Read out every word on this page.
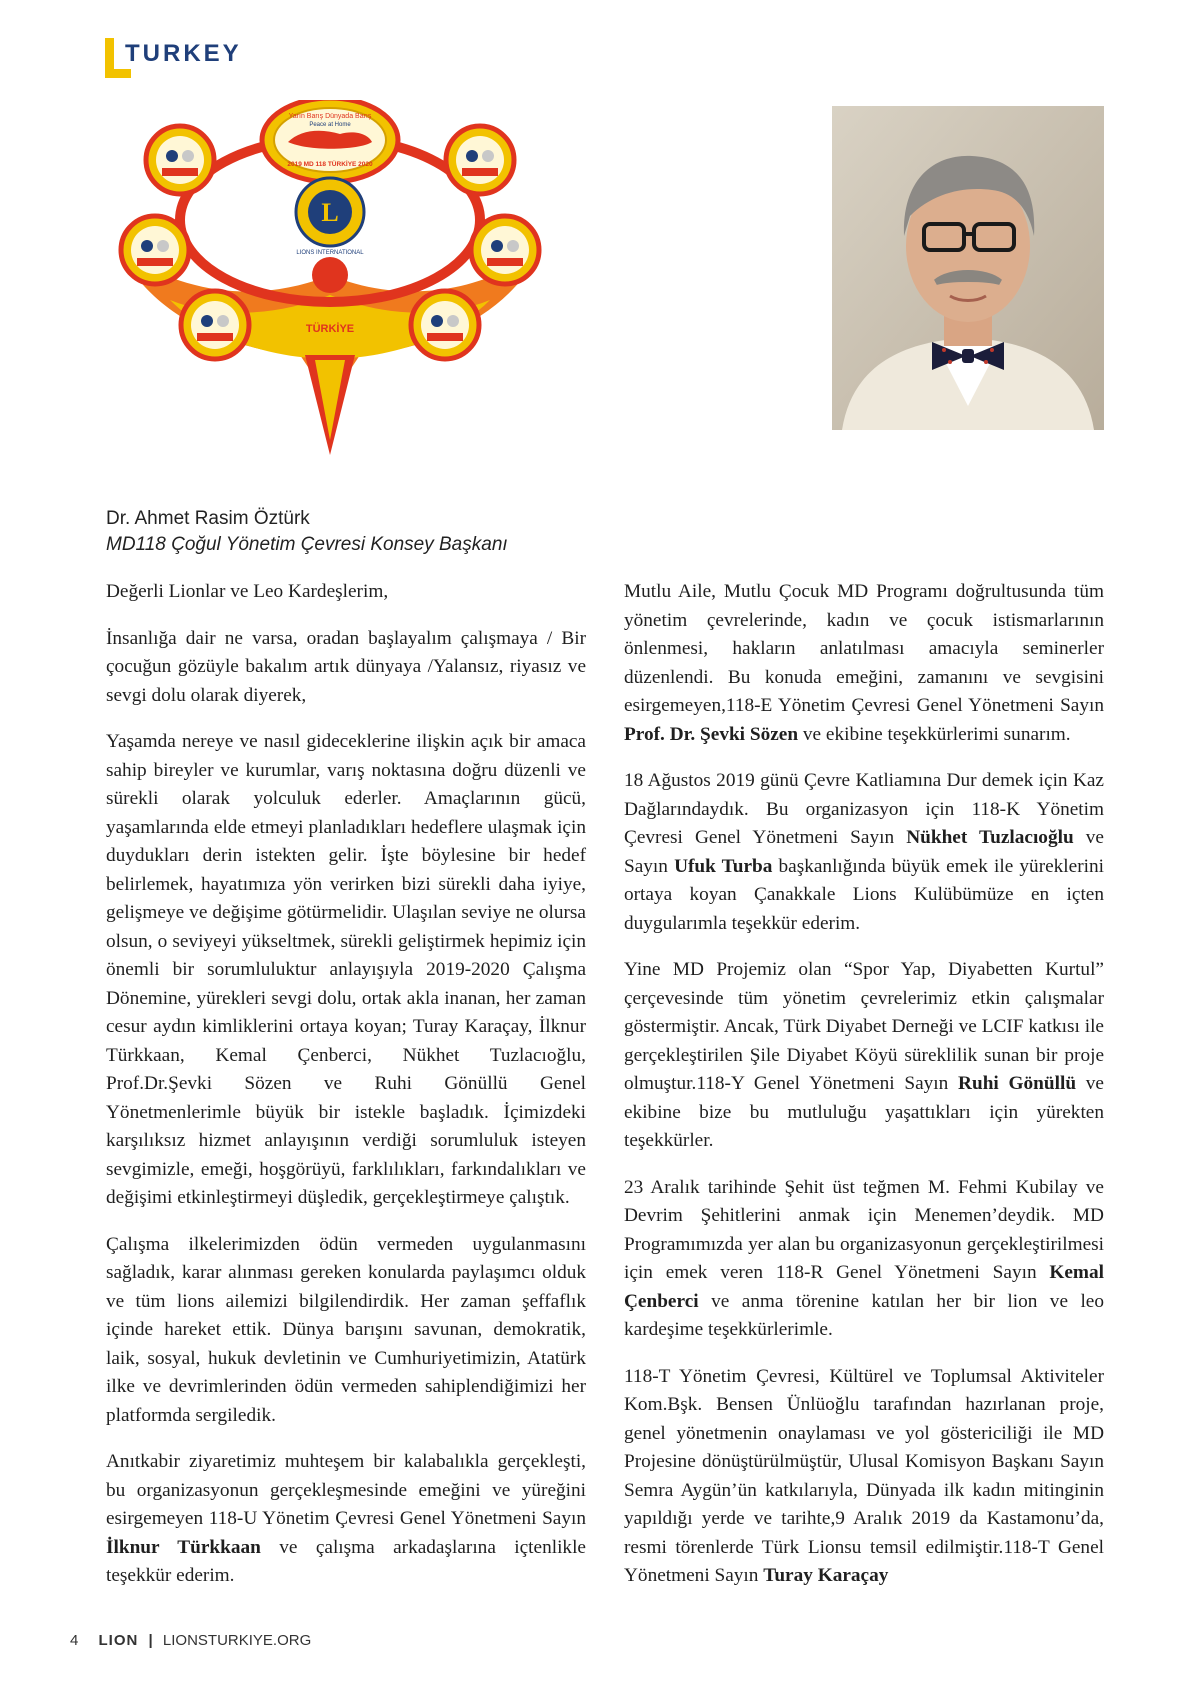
TURKEY
TÜRKİYE
Yarın Barış Dünyada Barış
Peace at Home
2019 MD 118 TÜRKİYE 2020
L
LIONS INTERNATIONAL
Dr. Ahmet Rasim Öztürk
MD118 Çoğul Yönetim Çevresi Konsey Başkanı

Değerli Lionlar ve Leo Kardeşlerim,

İnsanlığa dair ne varsa, oradan başlayalım çalışmaya / Bir çocuğun gözüyle bakalım artık dünyaya /Yalansız, riyasız ve sevgi dolu olarak diyerek,

Yaşamda nereye ve nasıl gideceklerine ilişkin açık bir amaca sahip bireyler ve kurumlar, varış noktasına doğru düzenli ve sürekli olarak yolculuk ederler. Amaçlarının gücü, yaşamlarında elde etmeyi planladıkları hedeflere ulaşmak için duydukları derin istekten gelir. İşte böylesine bir hedef belirlemek, hayatımıza yön verirken bizi sürekli daha iyiye, gelişmeye ve değişime götürmelidir. Ulaşılan seviye ne olursa olsun, o seviyeyi yükseltmek, sürekli geliştirmek hepimiz için önemli bir sorumluluktur anlayışıyla 2019-2020 Çalışma Dönemine, yürekleri sevgi dolu, ortak akla inanan, her zaman cesur aydın kimliklerini ortaya koyan; Turay Karaçay, İlknur Türkkaan, Kemal Çenberci, Nükhet Tuzlacıoğlu, Prof.Dr.Şevki Sözen ve Ruhi Gönüllü Genel Yönetmenlerimle büyük bir istekle başladık. İçimizdeki karşılıksız hizmet anlayışının verdiği sorumluluk isteyen sevgimizle, emeği, hoşgörüyü, farklılıkları, farkındalıkları ve değişimi etkinleştirmeyi düşledik, gerçekleştirmeye çalıştık.

Çalışma ilkelerimizden ödün vermeden uygulanmasını sağladık, karar alınması gereken konularda paylaşımcı olduk ve tüm lions ailemizi bilgilendirdik. Her zaman şeffaflık içinde hareket ettik. Dünya barışını savunan, demokratik, laik, sosyal, hukuk devletinin ve Cumhuriyetimizin, Atatürk ilke ve devrimlerinden ödün vermeden sahiplendiğimizi her platformda sergiledik.

Anıtkabir ziyaretimiz muhteşem bir kalabalıkla gerçekleşti, bu organizasyonun gerçekleşmesinde emeğini ve yüreğini esirgemeyen 118-U Yönetim Çevresi Genel Yönetmeni Sayın İlknur Türkkaan ve çalışma arkadaşlarına içtenlikle teşekkür ederim.

Mutlu Aile, Mutlu Çocuk MD Programı doğrultusunda tüm yönetim çevrelerinde, kadın ve çocuk istismarlarının önlenmesi, hakların anlatılması amacıyla seminerler düzenlendi. Bu konuda emeğini, zamanını ve sevgisini esirgemeyen,118-E Yönetim Çevresi Genel Yönetmeni Sayın Prof. Dr. Şevki Sözen ve ekibine teşekkürlerimi sunarım.

18 Ağustos 2019 günü Çevre Katliamına Dur demek için Kaz Dağlarındaydık. Bu organizasyon için 118-K Yönetim Çevresi Genel Yönetmeni Sayın Nükhet Tuzlacıoğlu ve Sayın Ufuk Turba başkanlığında büyük emek ile yüreklerini ortaya koyan Çanakkale Lions Kulübümüze en içten duygularımla teşekkür ederim.

Yine MD Projemiz olan “Spor Yap, Diyabetten Kurtul” çerçevesinde tüm yönetim çevrelerimiz etkin çalışmalar göstermiştir. Ancak, Türk Diyabet Derneği ve LCIF katkısı ile gerçekleştirilen Şile Diyabet Köyü süreklilik sunan bir proje olmuştur.118-Y Genel Yönetmeni Sayın Ruhi Gönüllü ve ekibine bize bu mutluluğu yaşattıkları için yürekten teşekkürler.

23 Aralık tarihinde Şehit üst teğmen M. Fehmi Kubilay ve Devrim Şehitlerini anmak için Menemen’deydik. MD Programımızda yer alan bu organizasyonun gerçekleştirilmesi için emek veren 118-R Genel Yönetmeni Sayın Kemal Çenberci ve anma törenine katılan her bir lion ve leo kardeşime teşekkürlerimle.

118-T Yönetim Çevresi, Kültürel ve Toplumsal Aktiviteler Kom.Bşk. Bensen Ünlüoğlu tarafından hazırlanan proje, genel yönetmenin onaylaması ve yol göstericiliği ile MD Projesine dönüştürülmüştür, Ulusal Komisyon Başkanı Sayın Semra Aygün’ün katkılarıyla, Dünyada ilk kadın mitinginin yapıldığı yerde ve tarihte,9 Aralık 2019 da Kastamonu’da, resmi törenlerde Türk Lionsu temsil edilmiştir.118-T Genel Yönetmeni Sayın Turay Karaçay

4 LION | LIONSTURKIYE.ORG
